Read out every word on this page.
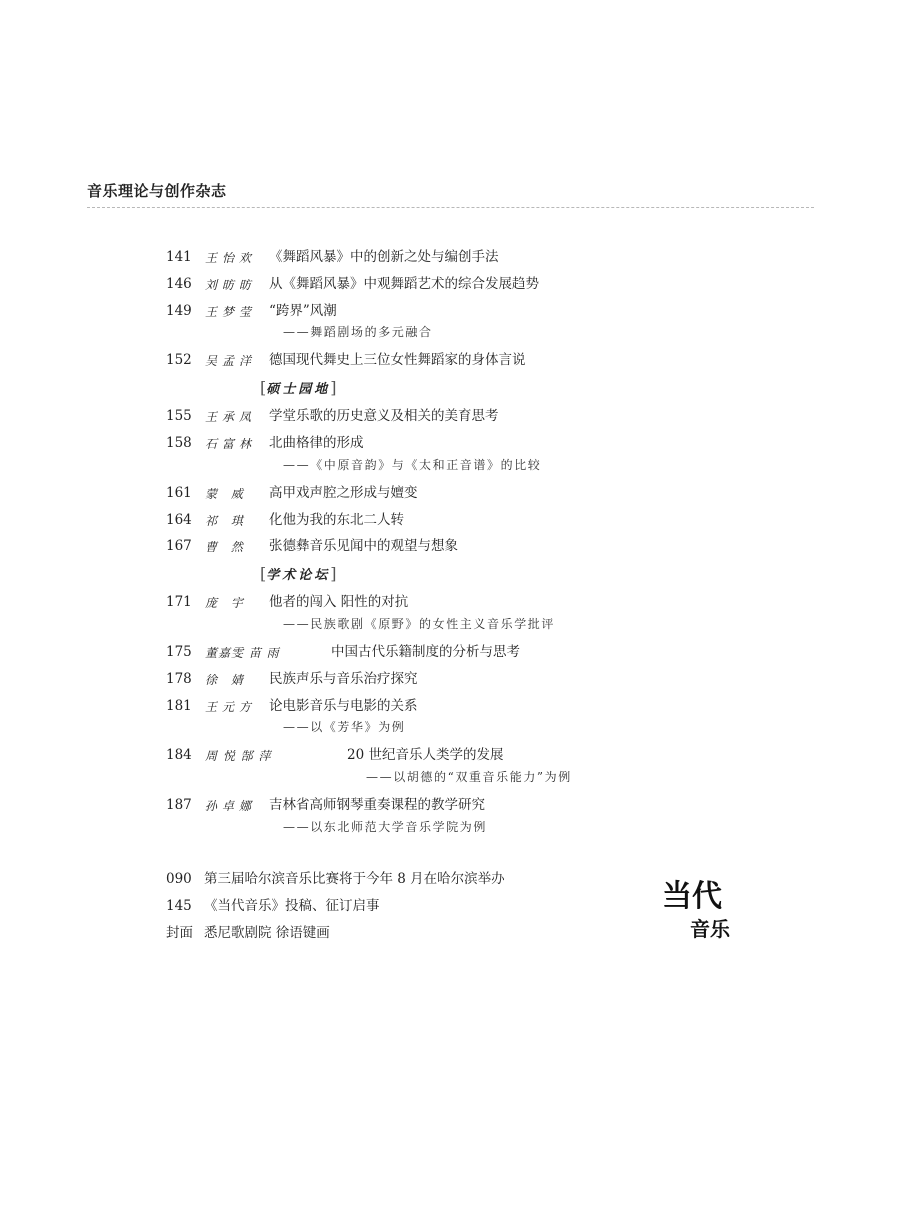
音乐理论与创作杂志
141	王怡欢 《舞蹈风暴》中的创新之处与编创手法
146	刘昉昉 从《舞蹈风暴》中观舞蹈艺术的综合发展趋势
149	王梦莹 “跨界”风潮
——舞蹈剧场的多元融合
152	吴孟洋 德国现代舞史上三位女性舞蹈家的身体言说
[硕士园地]
155	王承凤 学堂乐歌的历史意义及相关的美育思考
158	石富林 北曲格律的形成
——《中原音韵》与《太和正音谱》的比较
161	蒙 威 高甲戏声腔之形成与嬗变
164	祁 琪 化他为我的东北二人转
167	曹 然 张德彝音乐见闻中的观望与想象
[学术论坛]
171	庞 宇 他者的闯入 阳性的对抗
——民族歌剧《原野》的女性主义音乐学批评
175	董嘉雯 苗 雨	中国古代乐籍制度的分析与思考
178	徐 婧 民族声乐与音乐治疗探究
181	王元方 论电影音乐与电影的关系
——以《芳华》为例
184	周 悦 郜 萍	20 世纪音乐人类学的发展
——以胡德的“双重音乐能力”为例
187	孙卓娜 吉林省高师钢琴重奏课程的教学研究
——以东北师范大学音乐学院为例
090 第三届哈尔滨音乐比赛将于今年 8 月在哈尔滨举办
145 《当代音乐》投稿、征订启事
封面 悉尼歌剧院 徐语键画
当代
音乐
